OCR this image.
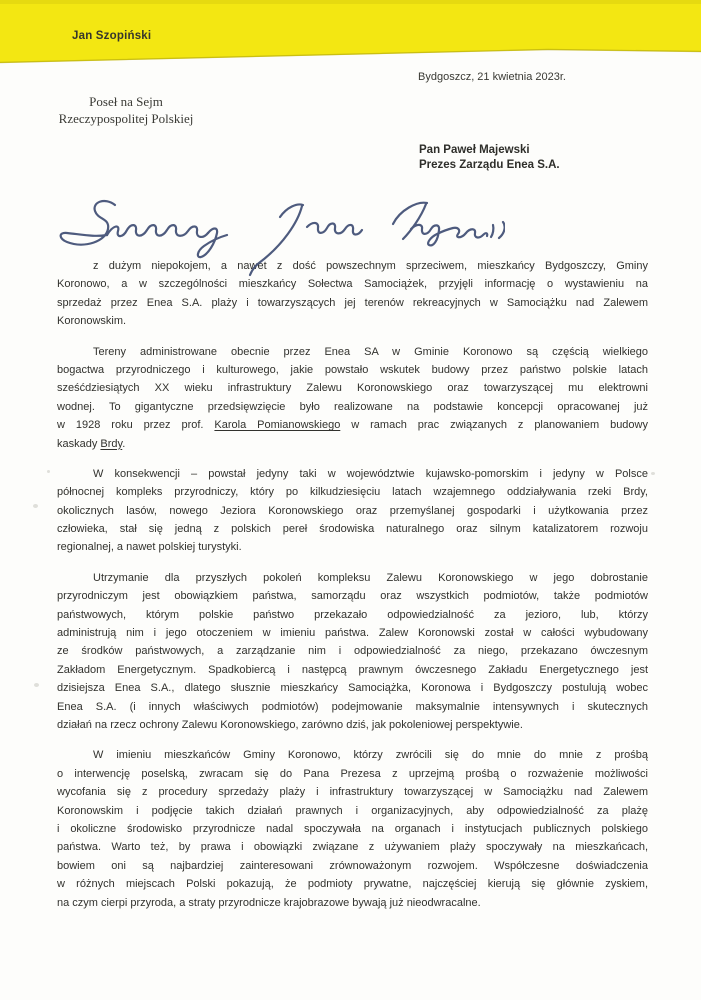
Jan Szopiński
Bydgoszcz, 21 kwietnia 2023r.
Poseł na Sejm
Rzeczypospolitej Polskiej
Pan Paweł Majewski
Prezes Zarządu Enea S.A.
z dużym niepokojem, a nawet z dość powszechnym sprzeciwem, mieszkańcy Bydgoszczy, Gminy
Koronowo, a w szczególności mieszkańcy Sołectwa Samociążek, przyjęli informację o wystawieniu na
sprzedaż przez Enea S.A. plaży i towarzyszących jej terenów rekreacyjnych w Samociążku nad Zalewem
Koronowskim.
Tereny administrowane obecnie przez Enea SA w Gminie Koronowo są częścią wielkiego
bogactwa przyrodniczego i kulturowego, jakie powstało wskutek budowy przez państwo polskie latach
sześćdziesiątych XX wieku infrastruktury Zalewu Koronowskiego oraz towarzyszącej mu elektrowni
wodnej. To gigantyczne przedsięwzięcie było realizowane na podstawie koncepcji opracowanej już
w 1928 roku przez prof. Karola Pomianowskiego w ramach prac związanych z planowaniem budowy
kaskady Brdy.
W konsekwencji – powstał jedyny taki w województwie kujawsko-pomorskim i jedyny w Polsce
północnej kompleks przyrodniczy, który po kilkudziesięciu latach wzajemnego oddziaływania rzeki Brdy,
okolicznych lasów, nowego Jeziora Koronowskiego oraz przemyślanej gospodarki i użytkowania przez
człowieka, stał się jedną z polskich pereł środowiska naturalnego oraz silnym katalizatorem rozwoju
regionalnej, a nawet polskiej turystyki.
Utrzymanie dla przyszłych pokoleń kompleksu Zalewu Koronowskiego w jego dobrostanie
przyrodniczym jest obowiązkiem państwa, samorządu oraz wszystkich podmiotów, także podmiotów
państwowych, którym polskie państwo przekazało odpowiedzialność za jezioro, lub, którzy
administrują nim i jego otoczeniem w imieniu państwa. Zalew Koronowski został w całości wybudowany
ze środków państwowych, a zarządzanie nim i odpowiedzialność za niego, przekazano ówczesnym
Zakładom Energetycznym. Spadkobiercą i następcą prawnym ówczesnego Zakładu Energetycznego jest
dzisiejsza Enea S.A., dlatego słusznie mieszkańcy Samociążka, Koronowa i Bydgoszczy postulują wobec
Enea S.A. (i innych właściwych podmiotów) podejmowanie maksymalnie intensywnych i skutecznych
działań na rzecz ochrony Zalewu Koronowskiego, zarówno dziś, jak pokoleniowej perspektywie.
W imieniu mieszkańców Gminy Koronowo, którzy zwrócili się do mnie do mnie z prośbą
o interwencję poselską, zwracam się do Pana Prezesa z uprzejmą prośbą o rozważenie możliwości
wycofania się z procedury sprzedaży plaży i infrastruktury towarzyszącej w Samociążku nad Zalewem
Koronowskim i podjęcie takich działań prawnych i organizacyjnych, aby odpowiedzialność za plażę
i okoliczne środowisko przyrodnicze nadal spoczywała na organach i instytucjach publicznych polskiego
państwa. Warto też, by prawa i obowiązki związane z używaniem plaży spoczywały na mieszkańcach,
bowiem oni są najbardziej zainteresowani zrównoważonym rozwojem. Współczesne doświadczenia
w różnych miejscach Polski pokazują, że podmioty prywatne, najczęściej kierują się głównie zyskiem,
na czym cierpi przyroda, a straty przyrodnicze krajobrazowe bywają już nieodwracalne.
